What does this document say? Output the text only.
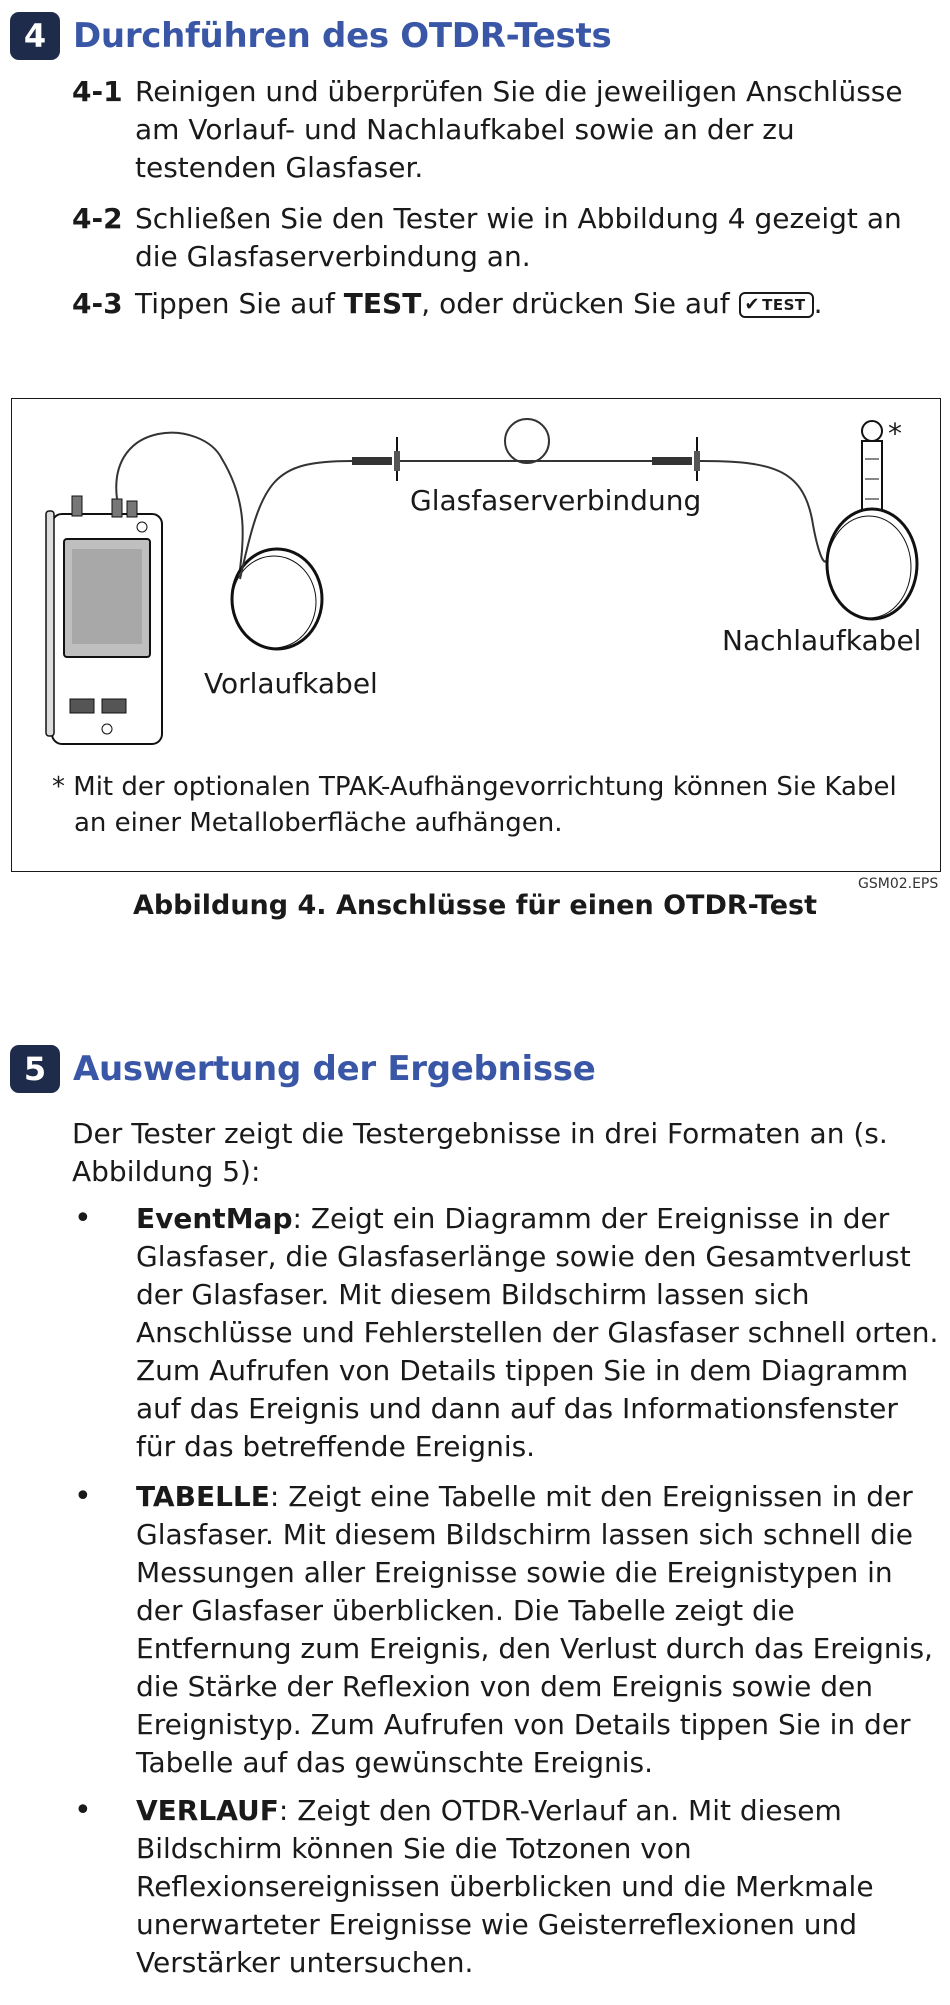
4 Durchführen des OTDR-Tests
4-1 Reinigen und überprüfen Sie die jeweiligen Anschlüsse am Vorlauf- und Nachlaufkabel sowie an der zu testenden Glasfaser.
4-2 Schließen Sie den Tester wie in Abbildung 4 gezeigt an die Glasfaserverbindung an.
4-3 Tippen Sie auf TEST, oder drücken Sie auf ✔ TEST .
*
Glasfaserverbindung
Vorlaufkabel
Nachlaufkabel
* Mit der optionalen TPAK-Aufhängevorrichtung können Sie Kabel
an einer Metalloberfläche aufhängen.
GSM02.EPS
Abbildung 4. Anschlüsse für einen OTDR-Test
5 Auswertung der Ergebnisse
Der Tester zeigt die Testergebnisse in drei Formaten an (s. Abbildung 5):
•	EventMap: Zeigt ein Diagramm der Ereignisse in der Glasfaser, die Glasfaserlänge sowie den Gesamtverlust der Glasfaser. Mit diesem Bildschirm lassen sich Anschlüsse und Fehlerstellen der Glasfaser schnell orten. Zum Aufrufen von Details tippen Sie in dem Diagramm auf das Ereignis und dann auf das Informationsfenster für das betreffende Ereignis.
•	TABELLE: Zeigt eine Tabelle mit den Ereignissen in der Glasfaser. Mit diesem Bildschirm lassen sich schnell die Messungen aller Ereignisse sowie die Ereignistypen in der Glasfaser überblicken. Die Tabelle zeigt die Entfernung zum Ereignis, den Verlust durch das Ereignis, die Stärke der Reflexion von dem Ereignis sowie den Ereignistyp. Zum Aufrufen von Details tippen Sie in der Tabelle auf das gewünschte Ereignis.
•	VERLAUF: Zeigt den OTDR-Verlauf an. Mit diesem Bildschirm können Sie die Totzonen von Reflexionsereignissen überblicken und die Merkmale unerwarteter Ereignisse wie Geisterreflexionen und Verstärker untersuchen.
